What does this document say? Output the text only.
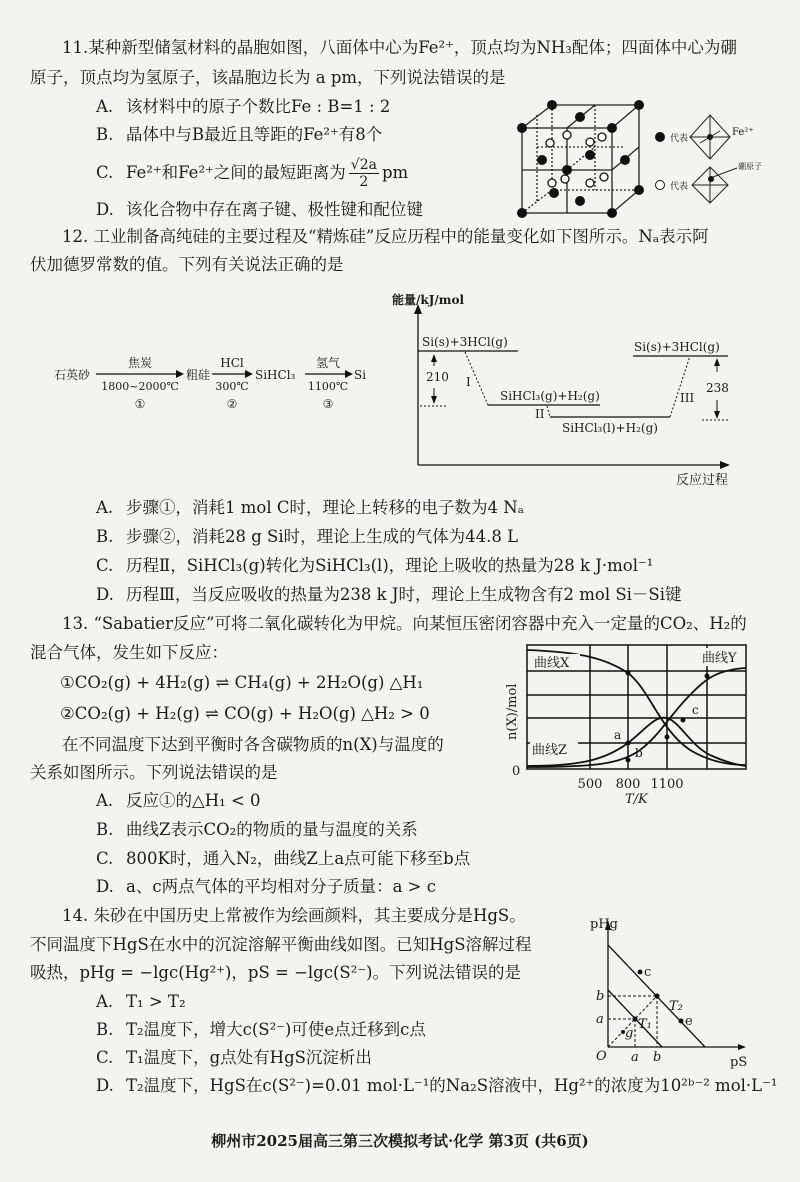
11.某种新型储氢材料的晶胞如图，八面体中心为Fe²⁺，顶点均为NH₃配体；四面体中心为硼
原子，顶点均为氢原子，该晶胞边长为 a pm，下列说法错误的是
A. 该材料中的原子个数比Fe : B=1 : 2
B. 晶体中与B最近且等距的Fe²⁺有8个
C. Fe²⁺和Fe²⁺之间的最短距离为 $\frac{√2a}{2}$ pm
D. 该化合物中存在离子键、极性键和配位键
代表
Fe²⁺
代表
硼原子
12. 工业制备高纯硅的主要过程及“精炼硅”反应历程中的能量变化如下图所示。Nₐ表示阿
伏加德罗常数的值。下列有关说法正确的是
石英砂
焦炭
1800~2000℃
①
粗硅
HCl
300℃
②
SiHCl₃
氢气
1100℃
③
Si
能量/kJ/mol
反应过程
Si(s)+3HCl(g)	Si(s)+3HCl(g)
SiHCl₃(g)+H₂(g)
SiHCl₃(l)+H₂(g)
210
238
I
II
III
A. 步骤①，消耗1 mol C时，理论上转移的电子数为4 Nₐ
B. 步骤②，消耗28 g Si时，理论上生成的气体为44.8 L
C. 历程Ⅱ，SiHCl₃(g)转化为SiHCl₃(l)，理论上吸收的热量为28 k J·mol⁻¹
D. 历程Ⅲ，当反应吸收的热量为238 k J时，理论上生成物含有2 mol Si－Si键
13. “Sabatier反应”可将二氧化碳转化为甲烷。向某恒压密闭容器中充入一定量的CO₂、H₂的
混合气体，发生如下反应：
①CO₂(g) + 4H₂(g) ⇌ CH₄(g) + 2H₂O(g) △H₁
②CO₂(g) + H₂(g) ⇌ CO(g) + H₂O(g) △H₂ > 0
在不同温度下达到平衡时各含碳物质的n(X)与温度的
关系如图所示。下列说法错误的是
曲线X	曲线Y
曲线Z
a
b
c
0
500 800 1100
T/K
n(X)/mol
A. 反应①的△H₁ < 0
B. 曲线Z表示CO₂的物质的量与温度的关系
C. 800K时，通入N₂，曲线Z上a点可能下移至b点
D. a、c两点气体的平均相对分子质量：a > c
14. 朱砂在中国历史上常被作为绘画颜料，其主要成分是HgS。
不同温度下HgS在水中的沉淀溶解平衡曲线如图。已知HgS溶解过程
吸热，pHg = −lgc(Hg²⁺)，pS = −lgc(S²⁻)。下列说法错误的是
pHg
pS
O
b
a
a b
T₂
T₁
c
e
g
A. T₁ > T₂
B. T₂温度下，增大c(S²⁻)可使e点迁移到c点
C. T₁温度下，g点处有HgS沉淀析出
D. T₂温度下，HgS在c(S²⁻)=0.01 mol·L⁻¹的Na₂S溶液中，Hg²⁺的浓度为10²ᵇ⁻² mol·L⁻¹
柳州市2025届高三第三次模拟考试·化学 第3页 (共6页)
